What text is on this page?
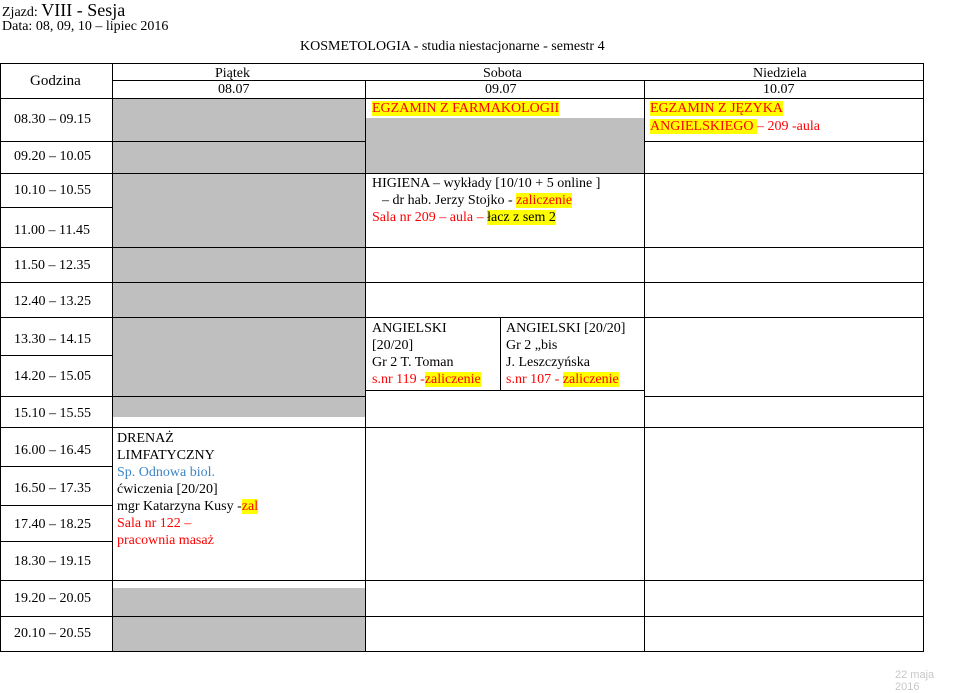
Zjazd: VIII - Sesja
Data: 08, 09, 10 – lipiec 2016
KOSMETOLOGIA - studia niestacjonarne - semestr 4
Godzina	Piątek
08.07
Sobota
09.07
Niedziela
10.07
08.30 – 09.15
09.20 – 10.05
10.10 – 10.55
11.00 – 11.45
11.50 – 12.35
12.40 – 13.25
13.30 – 14.15
14.20 – 15.05
15.10 – 15.55
16.00 – 16.45
16.50 – 17.35
17.40 – 18.25
18.30 – 19.15
19.20 – 20.05
20.10 – 20.55
EGZAMIN Z FARMAKOLOGII	EGZAMIN Z JĘZYKA
ANGIELSKIEGO – 209 -aula
HIGIENA – wykłady [10/10 + 5 online ]
– dr hab. Jerzy Stojko - zaliczenie
Sala nr 209 – aula – łacz z sem 2
ANGIELSKI
[20/20]
Gr 2 T. Toman
s.nr 119 -zaliczenie
ANGIELSKI [20/20]
Gr 2 „bis
J. Leszczyńska
s.nr 107 - zaliczenie
DRENAŻ
LIMFATYCZNY
Sp. Odnowa biol.
ćwiczenia [20/20]
mgr Katarzyna Kusy -zal
Sala nr 122 –
pracownia masaż
22 maja 2016
